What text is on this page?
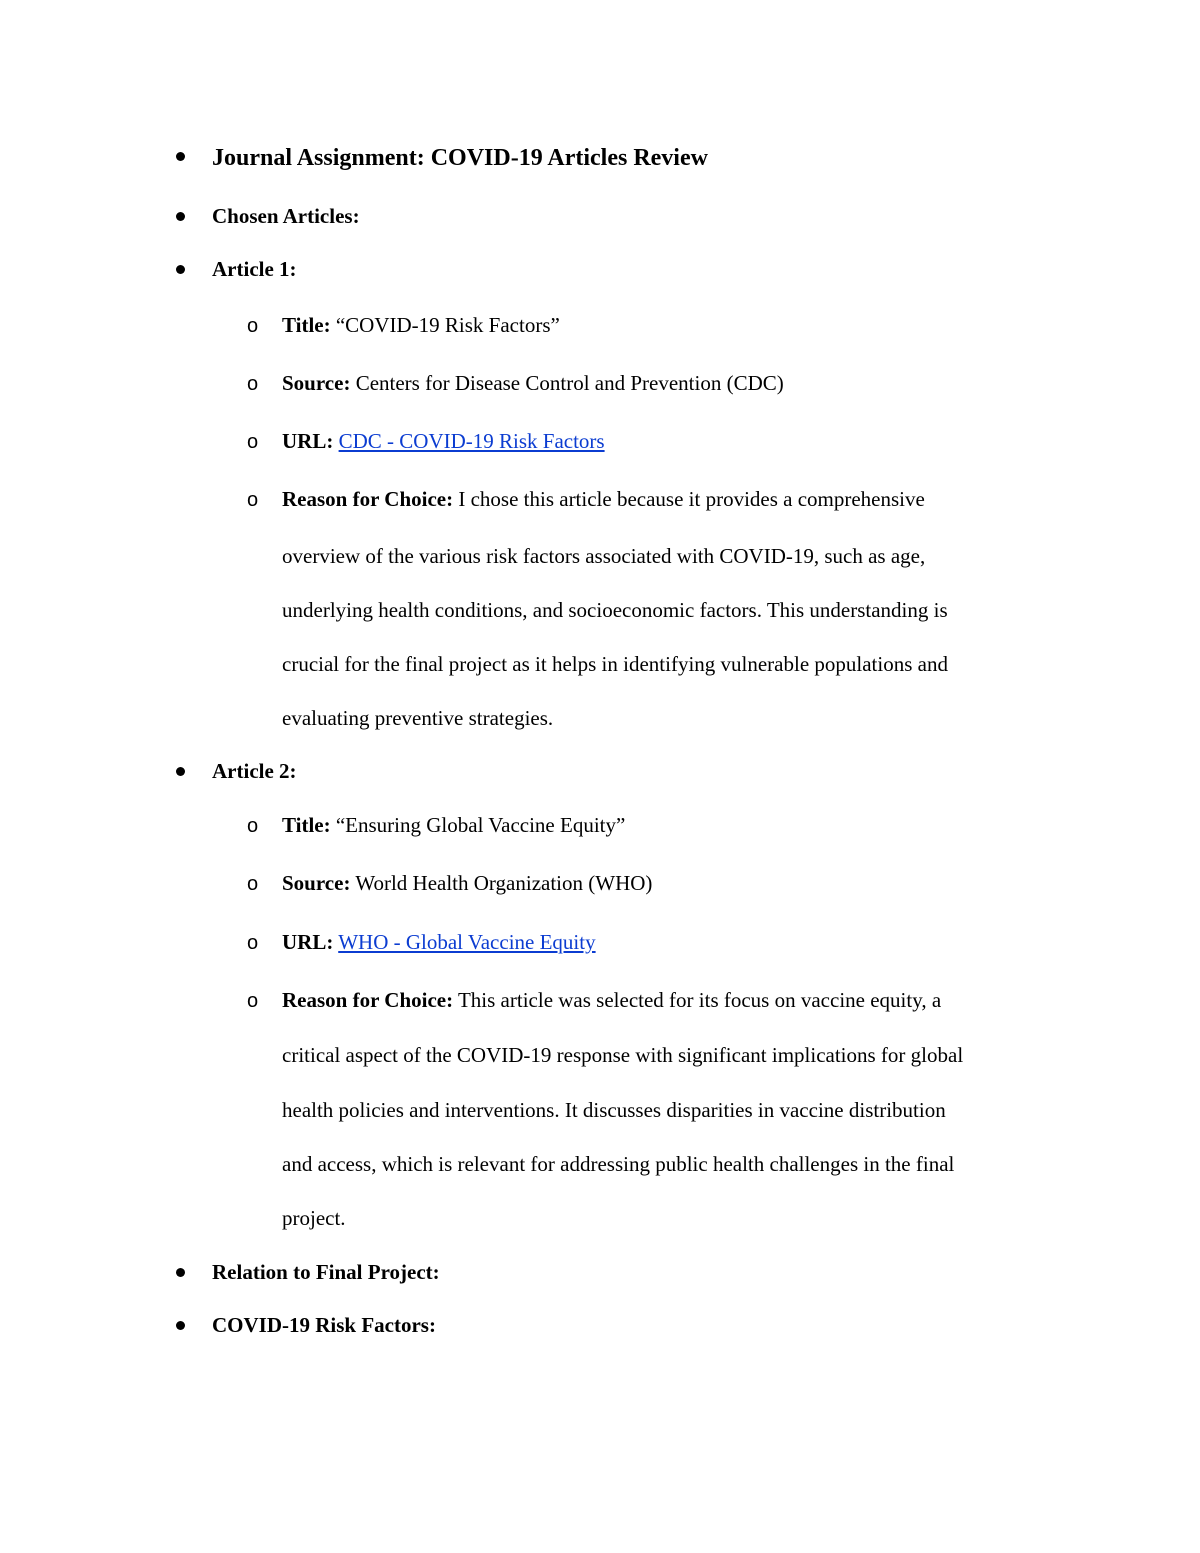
Journal Assignment: COVID-19 Articles Review
Chosen Articles:
Article 1:
o Title: “COVID-19 Risk Factors”
o Source: Centers for Disease Control and Prevention (CDC)
o URL: CDC - COVID-19 Risk Factors
o Reason for Choice: I chose this article because it provides a comprehensive
overview of the various risk factors associated with COVID-19, such as age,
underlying health conditions, and socioeconomic factors. This understanding is
crucial for the final project as it helps in identifying vulnerable populations and
evaluating preventive strategies.
Article 2:
o Title: “Ensuring Global Vaccine Equity”
o Source: World Health Organization (WHO)
o URL: WHO - Global Vaccine Equity
o Reason for Choice: This article was selected for its focus on vaccine equity, a
critical aspect of the COVID-19 response with significant implications for global
health policies and interventions. It discusses disparities in vaccine distribution
and access, which is relevant for addressing public health challenges in the final
project.
Relation to Final Project:
COVID-19 Risk Factors:
